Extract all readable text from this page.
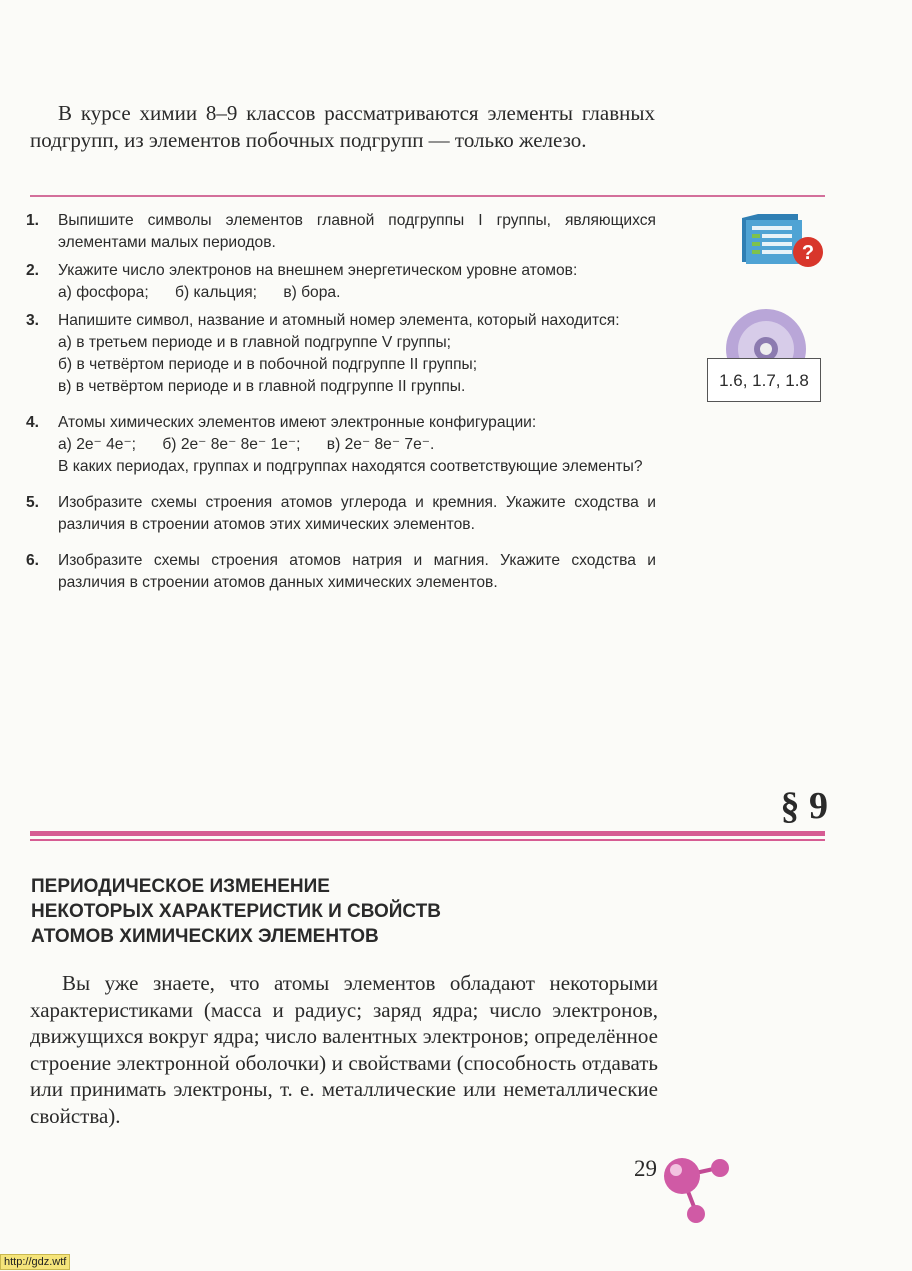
В курсе химии 8–9 классов рассматриваются элементы главных подгрупп, из элементов побочных подгрупп — только железо.

1. Выпишите символы элементов главной подгруппы I группы, являющихся элементами малых периодов.

2. Укажите число электронов на внешнем энергетическом уровне атомов:

а) фосфора; б) кальция; в) бора.

3. Напишите символ, название и атомный номер элемента, который находится:

а) в третьем периоде и в главной подгруппе V группы;

б) в четвёртом периоде и в побочной подгруппе II группы;

в) в четвёртом периоде и в главной подгруппе II группы.

4. Атомы химических элементов имеют электронные конфигурации:

а) 2e⁻ 4e⁻; б) 2e⁻ 8e⁻ 8e⁻ 1e⁻; в) 2e⁻ 8e⁻ 7e⁻.

В каких периодах, группах и подгруппах находятся соответствующие элементы?

5. Изобразите схемы строения атомов углерода и кремния. Укажите сходства и различия в строении атомов этих химических элементов.

6. Изобразите схемы строения атомов натрия и магния. Укажите сходства и различия в строении атомов данных химических элементов.

?
1.6, 1.7, 1.8
§ 9
ПЕРИОДИЧЕСКОЕ ИЗМЕНЕНИЕ
НЕКОТОРЫХ ХАРАКТЕРИСТИК И СВОЙСТВ
АТОМОВ ХИМИЧЕСКИХ ЭЛЕМЕНТОВ

Вы уже знаете, что атомы элементов обладают некоторыми характеристиками (масса и радиус; заряд ядра; число электронов, движущихся вокруг ядра; число валентных электронов; определённое строение электронной оболочки) и свойствами (способность отдавать или принимать электроны, т. е. металлические или неметаллические свойства).

29
http://gdz.wtf
